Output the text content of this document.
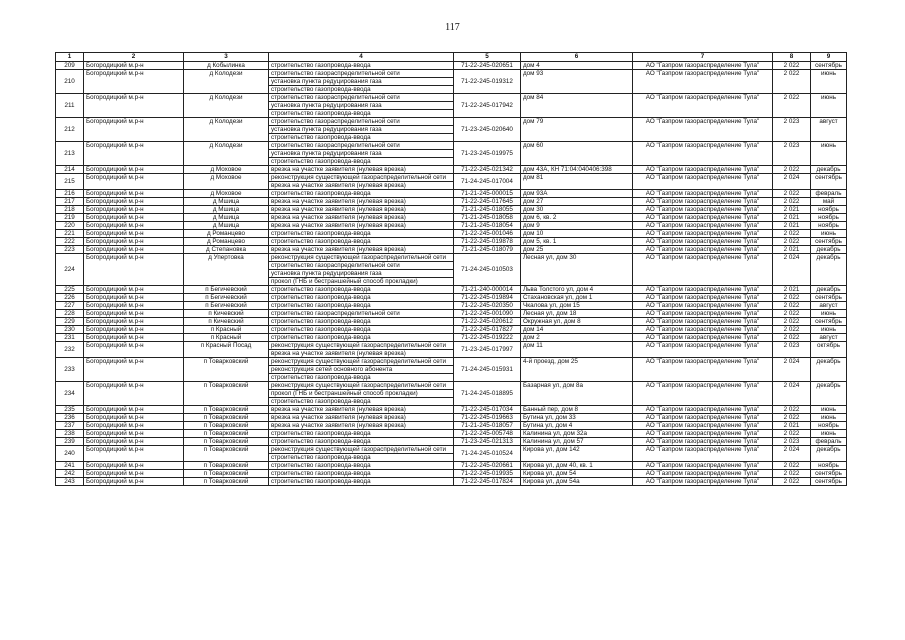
117
1	2	3	4	5	6	7	8	9
209	Богородицкий м.р-н	д Кобылинка	строительство газопровода-ввода	71-22-245-020651	дом 4	АО "Газпром газораспределение Тула"	2 022	сентябрь
210	Богородицкий м.р-н	д Колодези	строительство газораспределительной сети
установка пункта редуцирования газа
строительство газопровода-ввода	71-22-245-019312	дом 93	АО "Газпром газораспределение Тула"	2 022	июнь
211	Богородицкий м.р-н	д Колодези	строительство газораспределительной сети
установка пункта редуцирования газа
строительство газопровода-ввода	71-22-245-017942	дом 84	АО "Газпром газораспределение Тула"	2 022	июнь
212	Богородицкий м.р-н	д Колодези	строительство газораспределительной сети
установка пункта редуцирования газа
строительство газопровода-ввода	71-23-245-020640	дом 79	АО "Газпром газораспределение Тула"	2 023	август
213	Богородицкий м.р-н	д Колодези	строительство газораспределительной сети
установка пункта редуцирования газа
строительство газопровода-ввода	71-23-245-019975	дом 60	АО "Газпром газораспределение Тула"	2 023	июнь
214	Богородицкий м.р-н	д Моховое	врезка на участке заявителя (нулевая врезка)	71-22-245-021342	дом 43А, КН 71:04:040406:398	АО "Газпром газораспределение Тула"	2 022	декабрь
215	Богородицкий м.р-н	д Моховое	реконструкция существующей газораспределительной сети
врезка на участке заявителя (нулевая врезка)	71-24-245-017004	дом 81	АО "Газпром газораспределение Тула"	2 024	сентябрь
216	Богородицкий м.р-н	д Моховое	строительство газопровода-ввода	71-21-245-000015	дом 93А	АО "Газпром газораспределение Тула"	2 022	февраль
217	Богородицкий м.р-н	д Мшица	врезка на участке заявителя (нулевая врезка)	71-22-245-017645	дом 27	АО "Газпром газораспределение Тула"	2 022	май
218	Богородицкий м.р-н	д Мшица	врезка на участке заявителя (нулевая врезка)	71-21-245-018055	дом 30	АО "Газпром газораспределение Тула"	2 021	ноябрь
219	Богородицкий м.р-н	д Мшица	врезка на участке заявителя (нулевая врезка)	71-21-245-018058	дом 6, кв. 2	АО "Газпром газораспределение Тула"	2 021	ноябрь
220	Богородицкий м.р-н	д Мшица	врезка на участке заявителя (нулевая врезка)	71-21-245-018054	дом 9	АО "Газпром газораспределение Тула"	2 021	ноябрь
221	Богородицкий м.р-н	д Романцево	строительство газопровода-ввода	71-22-245-001046	дом 10	АО "Газпром газораспределение Тула"	2 022	июнь
222	Богородицкий м.р-н	д Романцево	строительство газопровода-ввода	71-22-245-019878	дом 5, кв. 1	АО "Газпром газораспределение Тула"	2 022	сентябрь
223	Богородицкий м.р-н	д Степановка	врезка на участке заявителя (нулевая врезка)	71-21-245-018079	дом 25	АО "Газпром газораспределение Тула"	2 021	декабрь
224	Богородицкий м.р-н	д Упертовка	реконструкция существующей газораспределительной сети
строительство газораспределительной сети
установка пункта редуцирования газа
прокол (ГНБ и бестраншейный способ прокладки)	71-24-245-010503	Лесная ул, дом 30	АО "Газпром газораспределение Тула"	2 024	декабрь
225	Богородицкий м.р-н	п Бегичевский	строительство газопровода-ввода	71-21-240-000014	Льва Толстого ул, дом 4	АО "Газпром газораспределение Тула"	2 021	декабрь
226	Богородицкий м.р-н	п Бегичевский	строительство газопровода-ввода	71-22-245-019894	Стахановская ул, дом 1	АО "Газпром газораспределение Тула"	2 022	сентябрь
227	Богородицкий м.р-н	п Бегичевский	строительство газопровода-ввода	71-22-245-020350	Чкалова ул, дом 15	АО "Газпром газораспределение Тула"	2 022	август
228	Богородицкий м.р-н	п Кичевский	строительство газораспределительной сети	71-22-245-001090	Лесная ул, дом 18	АО "Газпром газораспределение Тула"	2 022	июнь
229	Богородицкий м.р-н	п Кичевский	строительство газопровода-ввода	71-22-245-020612	Окружная ул, дом 8	АО "Газпром газораспределение Тула"	2 022	сентябрь
230	Богородицкий м.р-н	п Красный	строительство газопровода-ввода	71-22-245-017827	дом 14	АО "Газпром газораспределение Тула"	2 022	июнь
231	Богородицкий м.р-н	п Красный	строительство газопровода-ввода	71-22-245-019222	дом 2	АО "Газпром газораспределение Тула"	2 022	август
232	Богородицкий м.р-н	п Красный Посад	реконструкция существующей газораспределительной сети
врезка на участке заявителя (нулевая врезка)	71-23-245-017997	дом 11	АО "Газпром газораспределение Тула"	2 023	октябрь
233	Богородицкий м.р-н	п Товарковский	реконструкция существующей газораспределительной сети
реконструкция сетей основного абонента
строительство газопровода-ввода	71-24-245-015931	4-й проезд, дом 25	АО "Газпром газораспределение Тула"	2 024	декабрь
234	Богородицкий м.р-н	п Товарковский	реконструкция существующей газораспределительной сети
прокол (ГНБ и бестраншейный способ прокладки)
строительство газопровода-ввода	71-24-245-018895	Базарная ул, дом 8а	АО "Газпром газораспределение Тула"	2 024	декабрь
235	Богородицкий м.р-н	п Товарковский	врезка на участке заявителя (нулевая врезка)	71-22-245-017034	Банный пер, дом 8	АО "Газпром газораспределение Тула"	2 022	июнь
236	Богородицкий м.р-н	п Товарковский	врезка на участке заявителя (нулевая врезка)	71-22-245-019663	Бутина ул, дом 33	АО "Газпром газораспределение Тула"	2 022	июнь
237	Богородицкий м.р-н	п Товарковский	врезка на участке заявителя (нулевая врезка)	71-21-245-018057	Бутина ул, дом 4	АО "Газпром газораспределение Тула"	2 021	ноябрь
238	Богородицкий м.р-н	п Товарковский	строительство газопровода-ввода	71-22-245-005748	Калинина ул, дом 32а	АО "Газпром газораспределение Тула"	2 022	июнь
239	Богородицкий м.р-н	п Товарковский	строительство газопровода-ввода	71-23-245-021313	Калинина ул, дом 57	АО "Газпром газораспределение Тула"	2 023	февраль
240	Богородицкий м.р-н	п Товарковский	реконструкция существующей газораспределительной сети
строительство газопровода-ввода	71-24-245-010524	Кирова ул, дом 142	АО "Газпром газораспределение Тула"	2 024	декабрь
241	Богородицкий м.р-н	п Товарковский	строительство газопровода-ввода	71-22-245-020661	Кирова ул, дом 40, кв. 1	АО "Газпром газораспределение Тула"	2 022	ноябрь
242	Богородицкий м.р-н	п Товарковский	строительство газопровода-ввода	71-22-245-019935	Кирова ул, дом 54	АО "Газпром газораспределение Тула"	2 022	сентябрь
243	Богородицкий м.р-н	п Товарковский	строительство газопровода-ввода	71-22-245-017824	Кирова ул, дом 54а	АО "Газпром газораспределение Тула"	2 022	сентябрь
